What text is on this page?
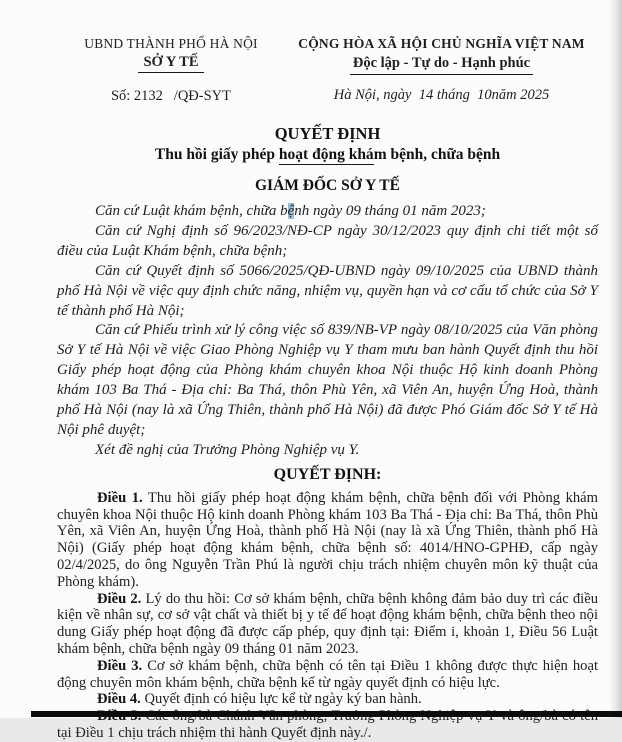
UBND THÀNH PHỐ HÀ NỘI
SỞ Y TẾ
Số: 2132   /QĐ-SYT
CỘNG HÒA XÃ HỘI CHỦ NGHĨA VIỆT NAM
Độc lập - Tự do - Hạnh phúc
Hà Nội, ngày  14 tháng  10năm 2025
QUYẾT ĐỊNH
Thu hồi giấy phép hoạt động khám bệnh, chữa bệnh
GIÁM ĐỐC SỞ Y TẾ

Căn cứ Luật khám bệnh, chữa bệnh ngày 09 tháng 01 năm 2023;

Căn cứ Nghị định số 96/2023/NĐ-CP ngày 30/12/2023 quy định chi tiết một số điều của Luật Khám bệnh, chữa bệnh;

Căn cứ Quyết định số 5066/2025/QĐ-UBND ngày 09/10/2025 của UBND thành phố Hà Nội về việc quy định chức năng, nhiệm vụ, quyền hạn và cơ cấu tổ chức của Sở Y tế thành phố Hà Nội;

Căn cứ Phiếu trình xử lý công việc số 839/NB-VP ngày 08/10/2025 của Văn phòng Sở Y tế Hà Nội về việc Giao Phòng Nghiệp vụ Y tham mưu ban hành Quyết định thu hồi Giấy phép hoạt động của Phòng khám chuyên khoa Nội thuộc Hộ kinh doanh Phòng khám 103 Ba Thá - Địa chỉ: Ba Thá, thôn Phù Yên, xã Viên An, huyện Ứng Hoà, thành phố Hà Nội (nay là xã Ứng Thiên, thành phố Hà Nội) đã được Phó Giám đốc Sở Y tế Hà Nội phê duyệt;

Xét đề nghị của Trưởng Phòng Nghiệp vụ Y.

QUYẾT ĐỊNH:

Điều 1. Thu hồi giấy phép hoạt động khám bệnh, chữa bệnh đối với Phòng khám chuyên khoa Nội thuộc Hộ kinh doanh Phòng khám 103 Ba Thá - Địa chỉ: Ba Thá, thôn Phù Yên, xã Viên An, huyện Ứng Hoà, thành phố Hà Nội (nay là xã Ứng Thiên, thành phố Hà Nội) (Giấy phép hoạt động khám bệnh, chữa bệnh số: 4014/HNO-GPHĐ, cấp ngày 02/4/2025, do ông Nguyễn Trần Phú là người chịu trách nhiệm chuyên môn kỹ thuật của Phòng khám).

Điều 2. Lý do thu hồi: Cơ sở khám bệnh, chữa bệnh không đảm bảo duy trì các điều kiện về nhân sự, cơ sở vật chất và thiết bị y tế để hoạt động khám bệnh, chữa bệnh theo nội dung Giấy phép hoạt động đã được cấp phép, quy định tại: Điểm i, khoản 1, Điều 56 Luật khám bệnh, chữa bệnh ngày 09 tháng 01 năm 2023.

Điều 3. Cơ sở khám bệnh, chữa bệnh có tên tại Điều 1 không được thực hiện hoạt động chuyên môn khám bệnh, chữa bệnh kể từ ngày quyết định có hiệu lực.

Điều 4. Quyết định có hiệu lực kể từ ngày ký ban hành.

tại Điều 1 chịu trách nhiệm thi hành Quyết định này./.
